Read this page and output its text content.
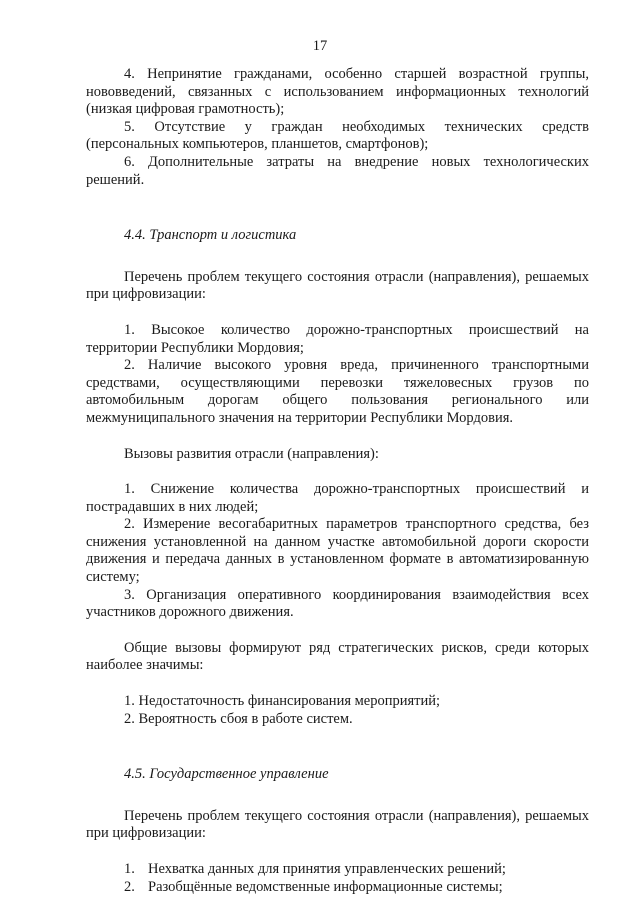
17

4. Непринятие гражданами, особенно старшей возрастной группы, нововведений, связанных с использованием информационных технологий (низкая цифровая грамотность);

5. Отсутствие у граждан необходимых технических средств (персональных компьютеров, планшетов, смартфонов);

6. Дополнительные затраты на внедрение новых технологических решений.

4.4. Транспорт и логистика

Перечень проблем текущего состояния отрасли (направления), решаемых при цифровизации:

1. Высокое количество дорожно-транспортных происшествий на территории Республики Мордовия;

2. Наличие высокого уровня вреда, причиненного транспортными средствами, осуществляющими перевозки тяжеловесных грузов по автомобильным дорогам общего пользования регионального или межмуниципального значения на территории Республики Мордовия.

Вызовы развития отрасли (направления):

1. Снижение количества дорожно-транспортных происшествий и пострадавших в них людей;

2. Измерение весогабаритных параметров транспортного средства, без снижения установленной на данном участке автомобильной дороги скорости движения и передача данных в установленном формате в автоматизированную систему;

3. Организация оперативного координирования взаимодействия всех участников дорожного движения.

Общие вызовы формируют ряд стратегических рисков, среди которых наиболее значимы:

1. Недостаточность финансирования мероприятий;

2. Вероятность сбоя в работе систем.

4.5. Государственное управление

Перечень проблем текущего состояния отрасли (направления), решаемых при цифровизации:

1. Нехватка данных для принятия управленческих решений;
2. Разобщённые ведомственные информационные системы;
